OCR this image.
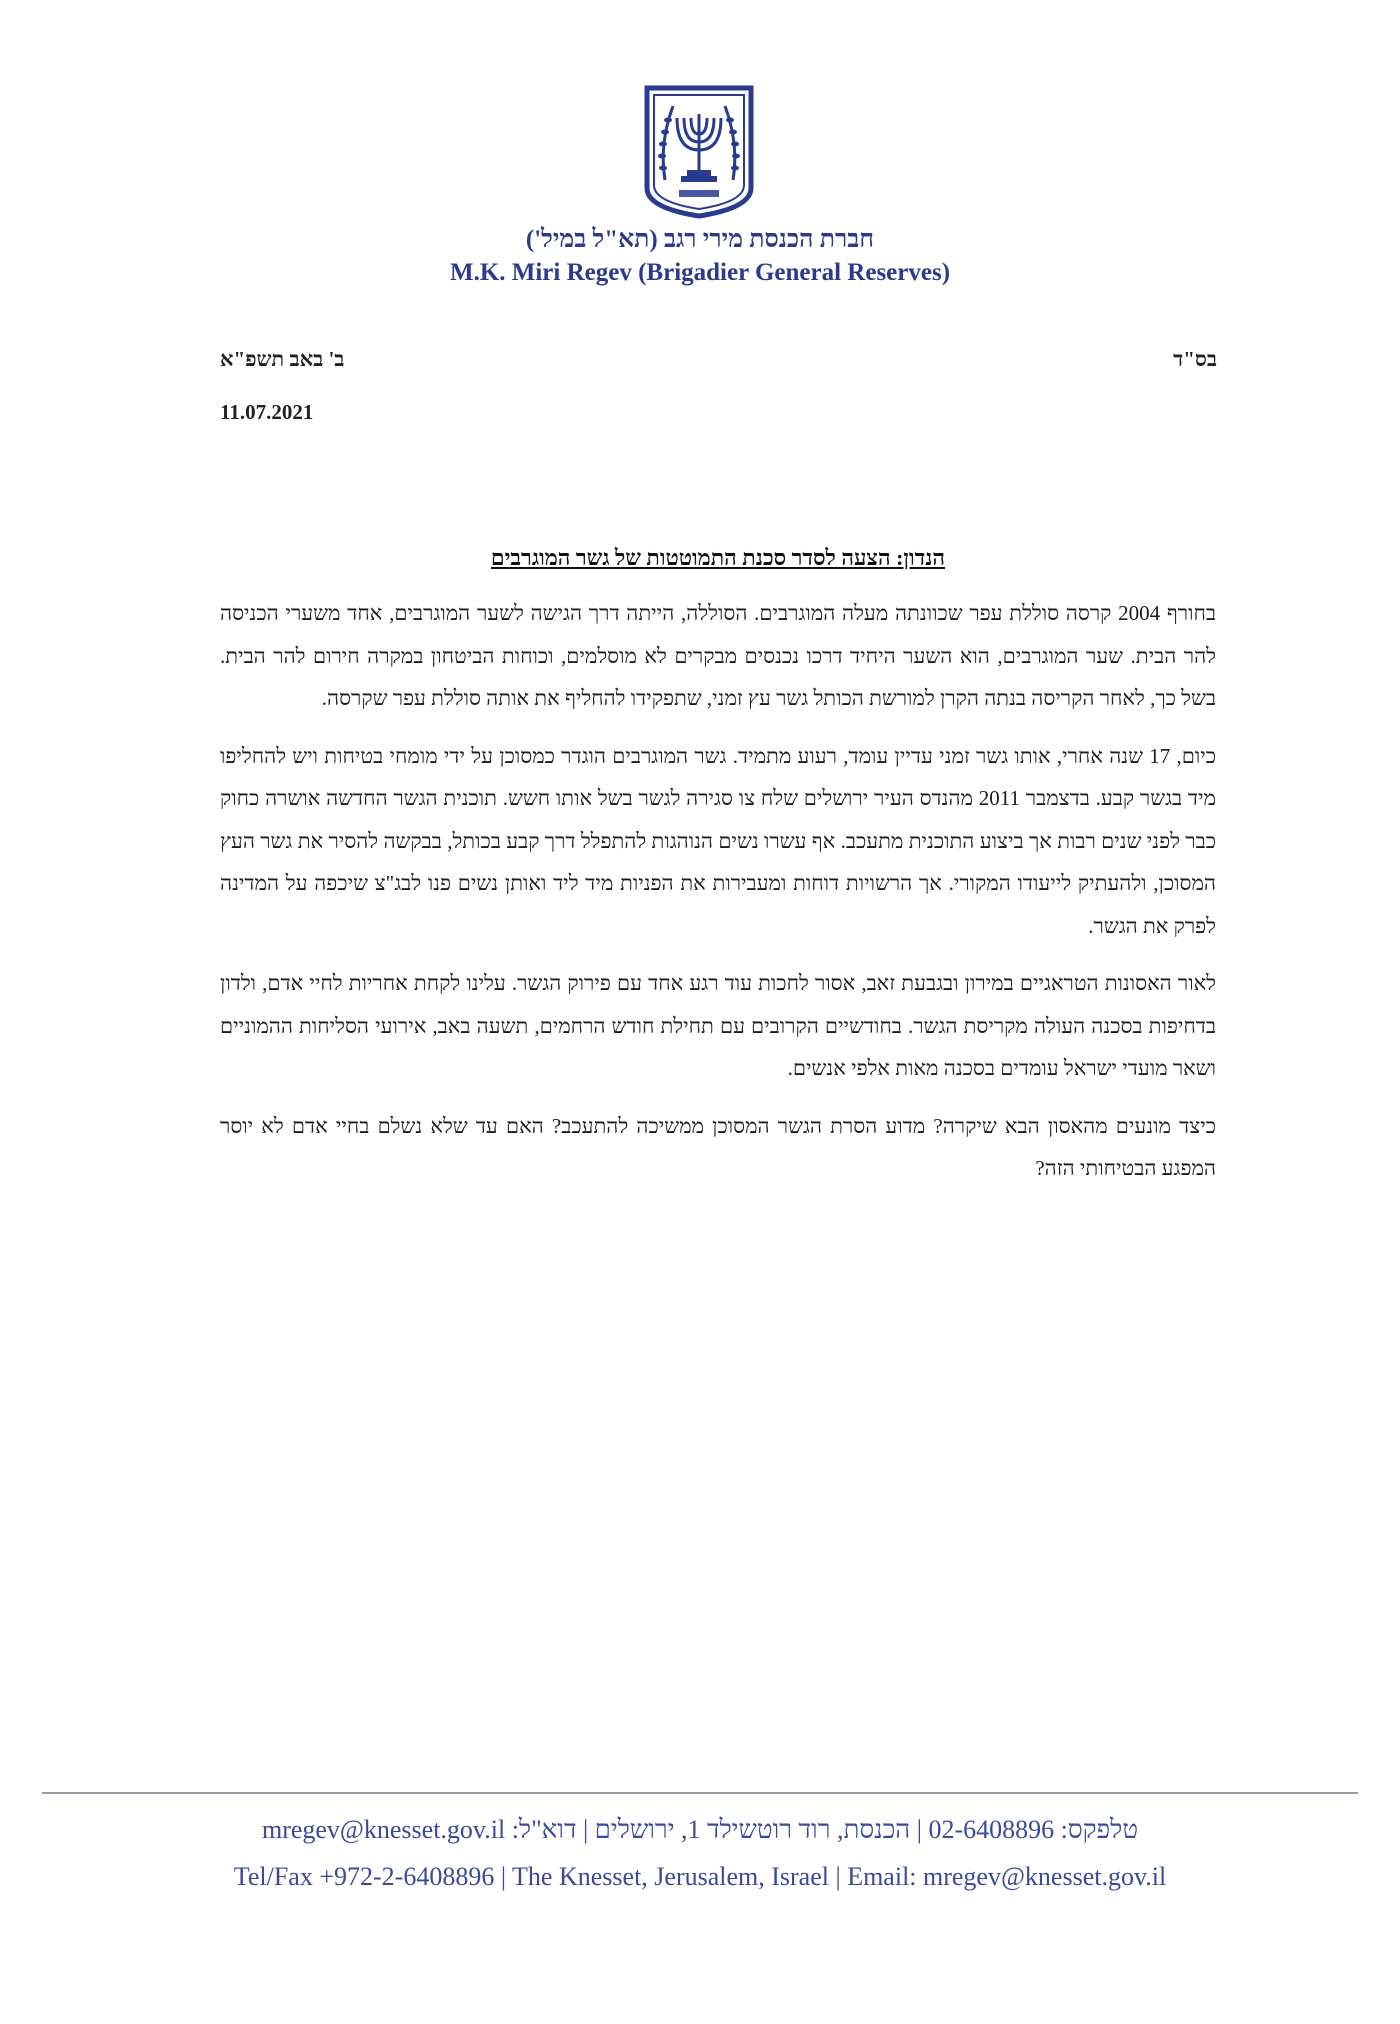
חברת הכנסת מירי רגב (תא"ל במיל')
M.K. Miri Regev (Brigadier General Reserves)
בס"ד
ב' באב תשפ"א
11.07.2021
הנדון: הצעה לסדר סכנת התמוטטות של גשר המוגרבים

בחורף 2004 קרסה סוללת עפר שכוונתה מעלה המוגרבים. הסוללה, הייתה דרך הגישה לשער המוגרבים, אחד משערי הכניסה להר הבית. שער המוגרבים, הוא השער היחיד דרכו נכנסים מבקרים לא מוסלמים, וכוחות הביטחון במקרה חירום להר הבית. בשל כך, לאחר הקריסה בנתה הקרן למורשת הכותל גשר עץ זמני, שתפקידו להחליף את אותה סוללת עפר שקרסה.

כיום, 17 שנה אחרי, אותו גשר זמני עדיין עומד, רעוע מתמיד. גשר המוגרבים הוגדר כמסוכן על ידי מומחי בטיחות ויש להחליפו מיד בגשר קבע. בדצמבר 2011 מהנדס העיר ירושלים שלח צו סגירה לגשר בשל אותו חשש. תוכנית הגשר החדשה אושרה כחוק כבר לפני שנים רבות אך ביצוע התוכנית מתעכב. אף עשרו נשים הנוהגות להתפלל דרך קבע בכותל, בבקשה להסיר את גשר העץ המסוכן, ולהעתיק לייעודו המקורי. אך הרשויות דוחות ומעבירות את הפניות מיד ליד ואותן נשים פנו לבג"צ שיכפה על המדינה לפרק את הגשר.

לאור האסונות הטראגיים במירון ובגבעת זאב, אסור לחכות עוד רגע אחד עם פירוק הגשר. עלינו לקחת אחריות לחיי אדם, ולדון בדחיפות בסכנה העולה מקריסת הגשר. בחודשיים הקרובים עם תחילת חודש הרחמים, תשעה באב, אירועי הסליחות ההמוניים ושאר מועדי ישראל עומדים בסכנה מאות אלפי אנשים.

כיצד מונעים מהאסון הבא שיקרה? מדוע הסרת הגשר המסוכן ממשיכה להתעכב? האם עד שלא נשלם בחיי אדם לא יוסר המפגע הבטיחותי הזה?

טלפקס: 02-6408896 | הכנסת, רוד רוטשילד 1, ירושלים | דוא"ל: mregev@knesset.gov.il
Tel/Fax +972-2-6408896 | The Knesset, Jerusalem, Israel | Email: mregev@knesset.gov.il
